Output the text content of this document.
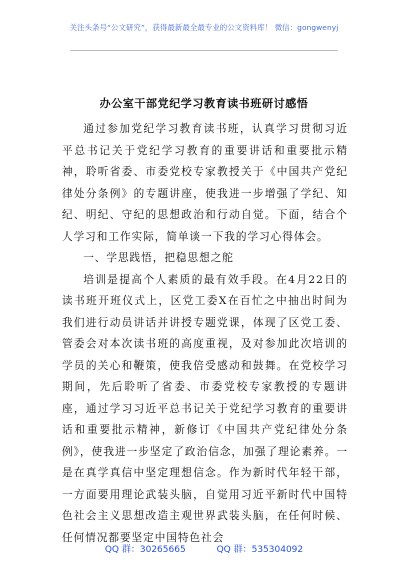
关注头条号“公文研究”，获得最新最全最专业的公文资料库！ 微信：gongwenyj
办公室干部党纪学习教育读书班研讨感悟

通过参加党纪学习教育读书班，认真学习贯彻习近平总书记关于党纪学习教育的重要讲话和重要批示精神，聆听省委、市委党校专家教授关于《中国共产党纪律处分条例》的专题讲座，使我进一步增强了学纪、知纪、明纪、守纪的思想政治和行动自觉。下面，结合个人学习和工作实际，简单谈一下我的学习心得体会。

一、学思践悟，把稳思想之舵

培训是提高个人素质的最有效手段。在4月22日的读书班开班仪式上，区党工委X在百忙之中抽出时间为我们进行动员讲话并讲授专题党课，体现了区党工委、管委会对本次读书班的高度重视，及对参加此次培训的学员的关心和鞭策，使我倍受感动和鼓舞。在党校学习期间，先后聆听了省委、市委党校专家教授的专题讲座，通过学习习近平总书记关于党纪学习教育的重要讲话和重要批示精神，新修订《中国共产党纪律处分条例》，使我进一步坚定了政治信念，加强了理论素养。一是在真学真信中坚定理想信念。作为新时代年轻干部，一方面要用理论武装头脑，自觉用习近平新时代中国特色社会主义思想改造主观世界武装头脑，在任何时候、任何情况都要坚定中国特色社会

QQ 群：30265665	QQ 群：535304092
